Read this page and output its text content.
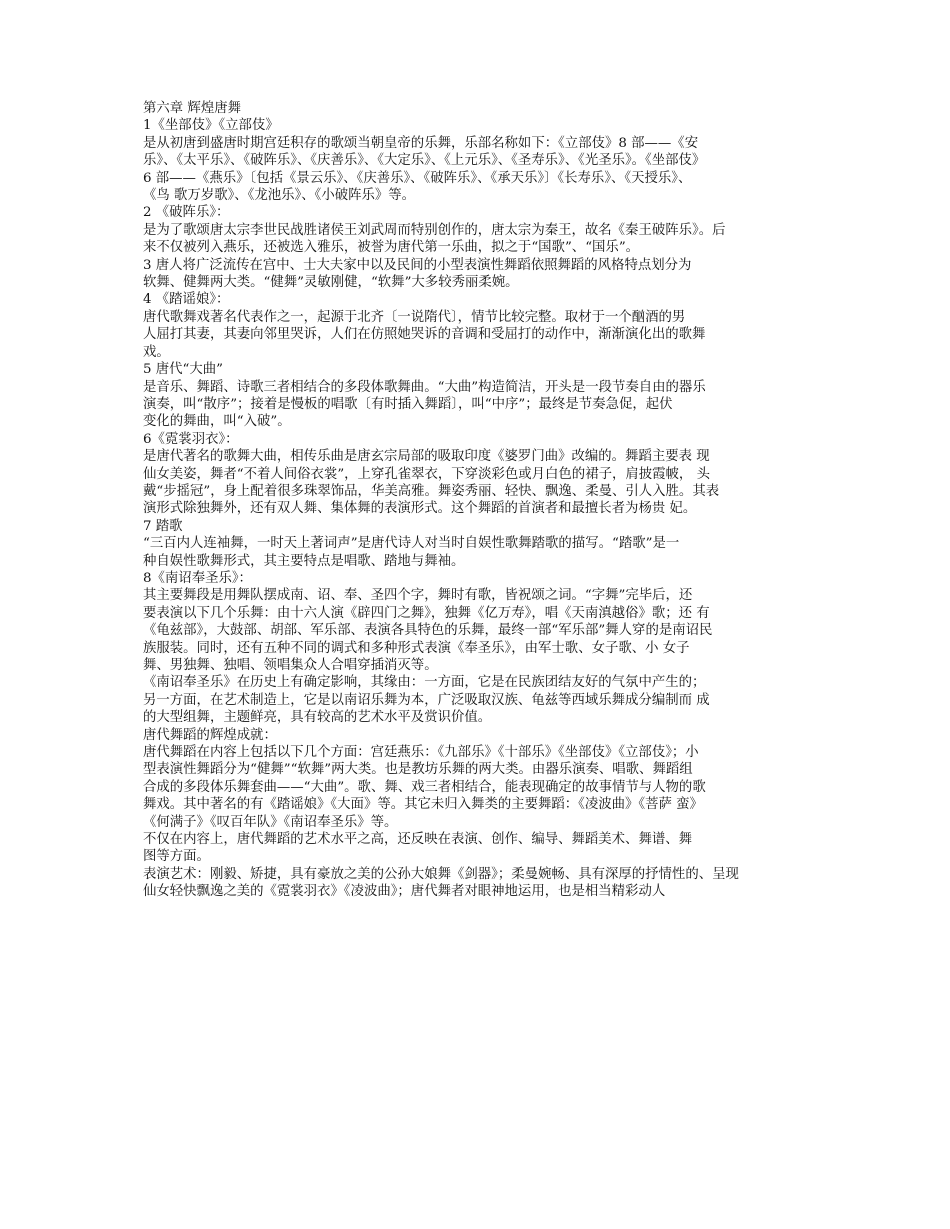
第六章 辉煌唐舞
1《坐部伎》《立部伎》
是从初唐到盛唐时期宫廷积存的歌颂当朝皇帝的乐舞，乐部名称如下：《立部伎》8 部——《安
乐》、《太平乐》、《破阵乐》、《庆善乐》、《大定乐》、《上元乐》、《圣寿乐》、《光圣乐》。《坐部伎》
6 部——《燕乐》〔包括《景云乐》、《庆善乐》、《破阵乐》、《承天乐》〕《长寿乐》、《天授乐》、
《鸟 歌万岁歌》、《龙池乐》、《小破阵乐》等。
2 《破阵乐》：
是为了歌颂唐太宗李世民战胜诸侯王刘武周而特别创作的，唐太宗为秦王，故名《秦王破阵乐》。后
来不仅被列入燕乐，还被选入雅乐，被誉为唐代第一乐曲，拟之于“国歌”、“国乐”。
3 唐人将广泛流传在宫中、士大夫家中以及民间的小型表演性舞蹈依照舞蹈的风格特点划分为
软舞、健舞两大类。“健舞”灵敏刚健，“软舞”大多较秀丽柔婉。
4 《踏谣娘》：
唐代歌舞戏著名代表作之一，起源于北齐〔一说隋代〕，情节比较完整。取材于一个酗酒的男
人屈打其妻，其妻向邻里哭诉，人们在仿照她哭诉的音调和受屈打的动作中，渐渐演化出的歌舞
戏。
5 唐代“大曲”
是音乐、舞蹈、诗歌三者相结合的多段体歌舞曲。“大曲”构造简洁，开头是一段节奏自由的器乐
演奏，叫“散序”；接着是慢板的唱歌〔有时插入舞蹈〕，叫“中序”；最终是节奏急促，起伏
变化的舞曲，叫“入破”。
6《霓裳羽衣》：
是唐代著名的歌舞大曲，相传乐曲是唐玄宗局部的吸取印度《婆罗门曲》改编的。舞蹈主要表 现
仙女美姿，舞者“不着人间俗衣裳”，上穿孔雀翠衣，下穿淡彩色或月白色的裙子，肩披霞帔， 头
戴“步摇冠”，身上配着很多珠翠饰品，华美高雅。舞姿秀丽、轻快、飘逸、柔曼、引人入胜。其表
演形式除独舞外，还有双人舞、集体舞的表演形式。这个舞蹈的首演者和最擅长者为杨贵 妃。
7 踏歌
“三百内人连袖舞，一时天上著词声”是唐代诗人对当时自娱性歌舞踏歌的描写。“踏歌”是一
种自娱性歌舞形式，其主要特点是唱歌、踏地与舞袖。
8《南诏奉圣乐》：
其主要舞段是用舞队摆成南、诏、奉、圣四个字，舞时有歌，皆祝颂之词。“字舞”完毕后，还
要表演以下几个乐舞：由十六人演《辟四门之舞》，独舞《亿万寿》，唱《天南滇越俗》歌；还 有
《龟兹部》，大鼓部、胡部、军乐部、表演各具特色的乐舞，最终一部“军乐部”舞人穿的是南诏民
族服装。同时，还有五种不同的调式和多种形式表演《奉圣乐》，由军士歌、女子歌、小 女子
舞、男独舞、独唱、领唱集众人合唱穿插消灭等。
《南诏奉圣乐》在历史上有确定影响，其缘由：一方面，它是在民族团结友好的气氛中产生的；
另一方面，在艺术制造上，它是以南诏乐舞为本，广泛吸取汉族、龟兹等西域乐舞成分编制而 成
的大型组舞，主题鲜亮，具有较高的艺术水平及赏识价值。
唐代舞蹈的辉煌成就：
唐代舞蹈在内容上包括以下几个方面：宫廷燕乐：《九部乐》《十部乐》《坐部伎》《立部伎》；小
型表演性舞蹈分为“健舞”“软舞”两大类。也是教坊乐舞的两大类。由器乐演奏、唱歌、舞蹈组
合成的多段体乐舞套曲——“大曲”。歌、舞、戏三者相结合，能表现确定的故事情节与人物的歌
舞戏。其中著名的有《踏谣娘》《大面》等。其它未归入舞类的主要舞蹈：《凌波曲》《菩萨 蛮》
《何满子》《叹百年队》《南诏奉圣乐》等。
不仅在内容上，唐代舞蹈的艺术水平之高，还反映在表演、创作、编导、舞蹈美术、舞谱、舞
图等方面。
表演艺术：刚毅、矫捷，具有豪放之美的公孙大娘舞《剑器》；柔曼婉畅、具有深厚的抒情性的、呈现
仙女轻快飘逸之美的《霓裳羽衣》《凌波曲》；唐代舞者对眼神地运用，也是相当精彩动人
